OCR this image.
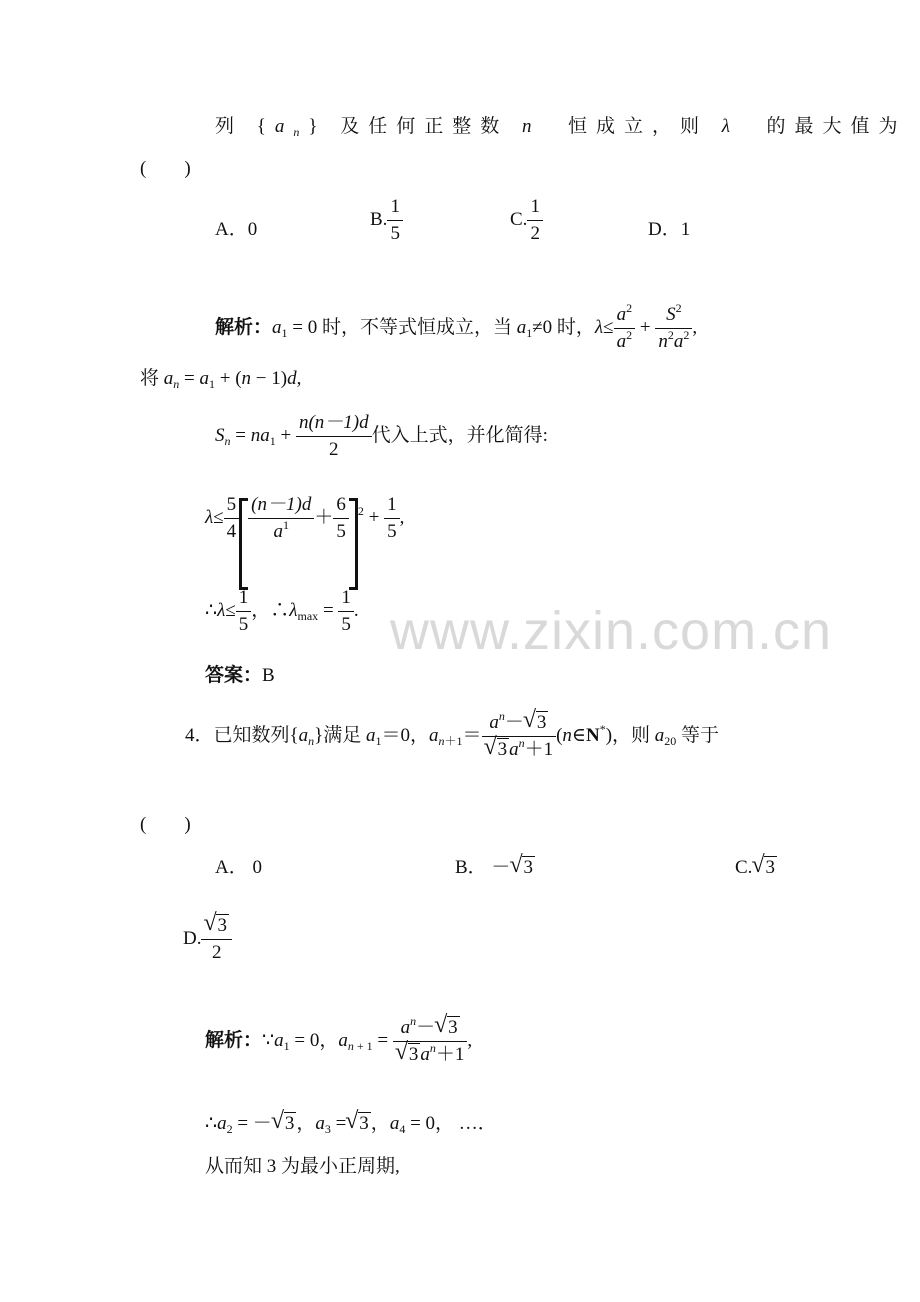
列 $\{a_n\}$ 及任何正整数 n  恒成立，则 λ  的最大值为
(　　)
A．0	B. $\frac{1}{5}$	C. $\frac{1}{2}$	D．1
解析：$a_1 = 0$ 时，不等式恒成立，当 $a_1\ne 0$ 时，$\lambda\le \frac{a^2}{a^2} + \frac{S^2}{n^2a^2}$ ,
将 $a_n = a_1 + (n - 1)d$,
$S_n = na_1 + \frac{n(n-1)d}{2}$ 代入上式，并化简得:
$\lambda\le \frac{5}{4} \frac{(n-1)d}{a^1} + \frac{6}{5} ^2 + \frac{1}{5}$ ,
∴λ≤ $\frac{1}{5}$ ，$\therefore\lambda_{max} = \frac{1}{5}$ .
答案：B
4．已知数列$\{a_n\}$满足 $a_1=0$，$a_{n+1}= a^n-√$ 3
√ 3 $a^n+1$ (n∈N*)，则 $a_{20}$ 等于
(　　)
A． 0	B． －√ 3	C.√ 3
D.
√ $\frac{3}{2}$
解析：$\because a_1 = 0$，$a_{n + 1} = a^n-√$ 3
√ 3 $a^n+1$ ,
$\therefore a_2$ = －√ 3 ，$a_3$ =√ 3 ，$a_4 = 0$， …．
从而知 3 为最小正周期,
www.zixin.com.cn
